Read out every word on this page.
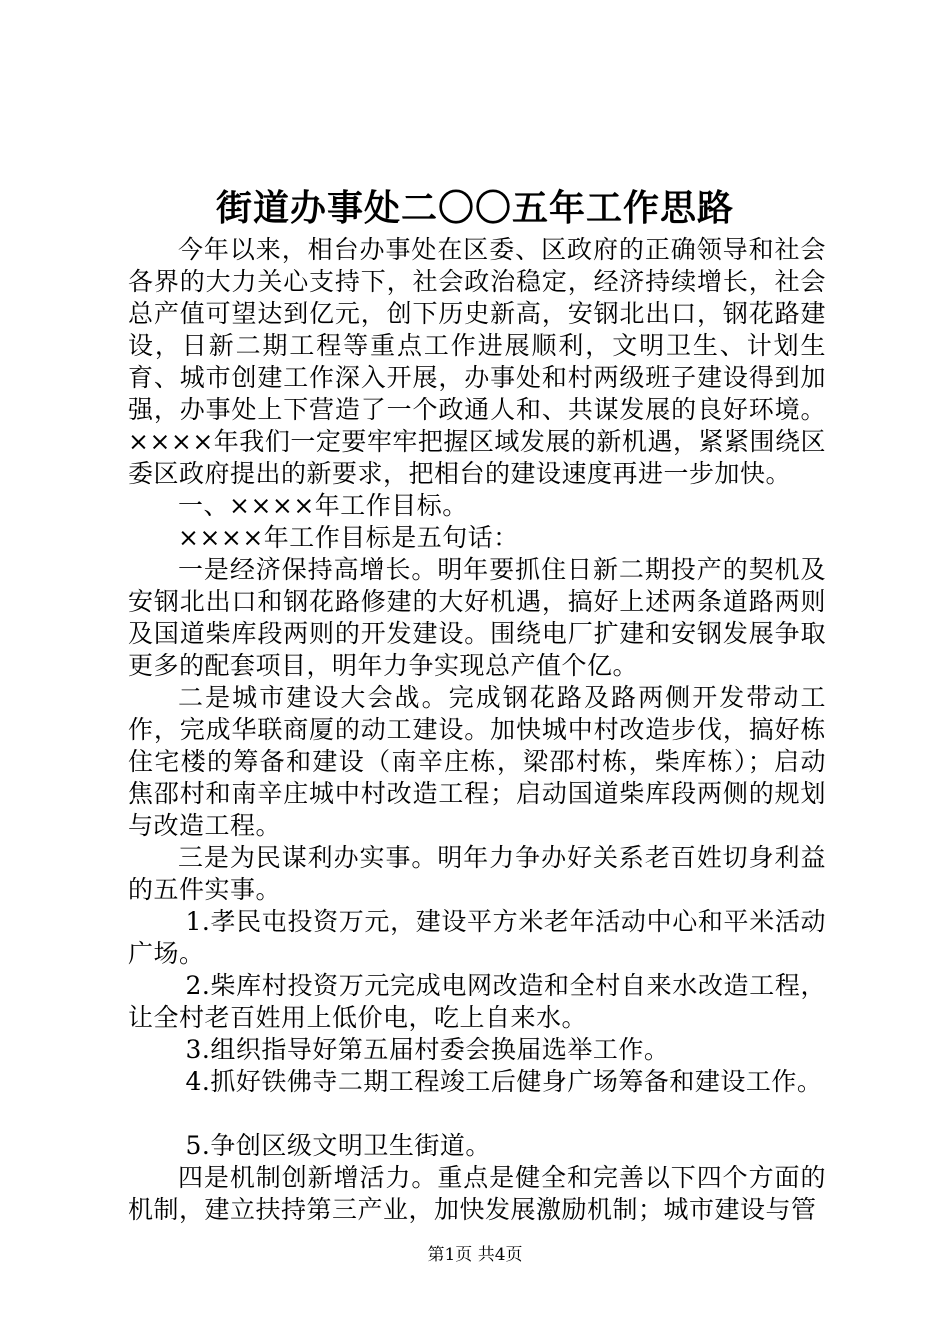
街道办事处二〇〇五年工作思路

今年以来，相台办事处在区委、区政府的正确领导和社会各界的大力关心支持下，社会政治稳定，经济持续增长，社会总产值可望达到亿元，创下历史新高，安钢北出口，钢花路建设，日新二期工程等重点工作进展顺利，文明卫生、计划生育、城市创建工作深入开展，办事处和村两级班子建设得到加强，办事处上下营造了一个政通人和、共谋发展的良好环境。××××年我们一定要牢牢把握区域发展的新机遇，紧紧围绕区委区政府提出的新要求，把相台的建设速度再进一步加快。

一、××××年工作目标。

××××年工作目标是五句话：

一是经济保持高增长。明年要抓住日新二期投产的契机及安钢北出口和钢花路修建的大好机遇，搞好上述两条道路两则及国道柴库段两则的开发建设。围绕电厂扩建和安钢发展争取更多的配套项目，明年力争实现总产值个亿。

二是城市建设大会战。完成钢花路及路两侧开发带动工作，完成华联商厦的动工建设。加快城中村改造步伐，搞好栋住宅楼的筹备和建设（南辛庄栋，梁邵村栋，柴库栋）；启动焦邵村和南辛庄城中村改造工程；启动国道柴库段两侧的规划与改造工程。

三是为民谋利办实事。明年力争办好关系老百姓切身利益的五件实事。

1.孝民屯投资万元，建设平方米老年活动中心和平米活动广场。

2.柴库村投资万元完成电网改造和全村自来水改造工程，让全村老百姓用上低价电，吃上自来水。

3.组织指导好第五届村委会换届选举工作。

4.抓好铁佛寺二期工程竣工后健身广场筹备和建设工作。

5.争创区级文明卫生街道。

四是机制创新增活力。重点是健全和完善以下四个方面的机制，建立扶持第三产业，加快发展激励机制；城市建设与管

第1页 共4页
